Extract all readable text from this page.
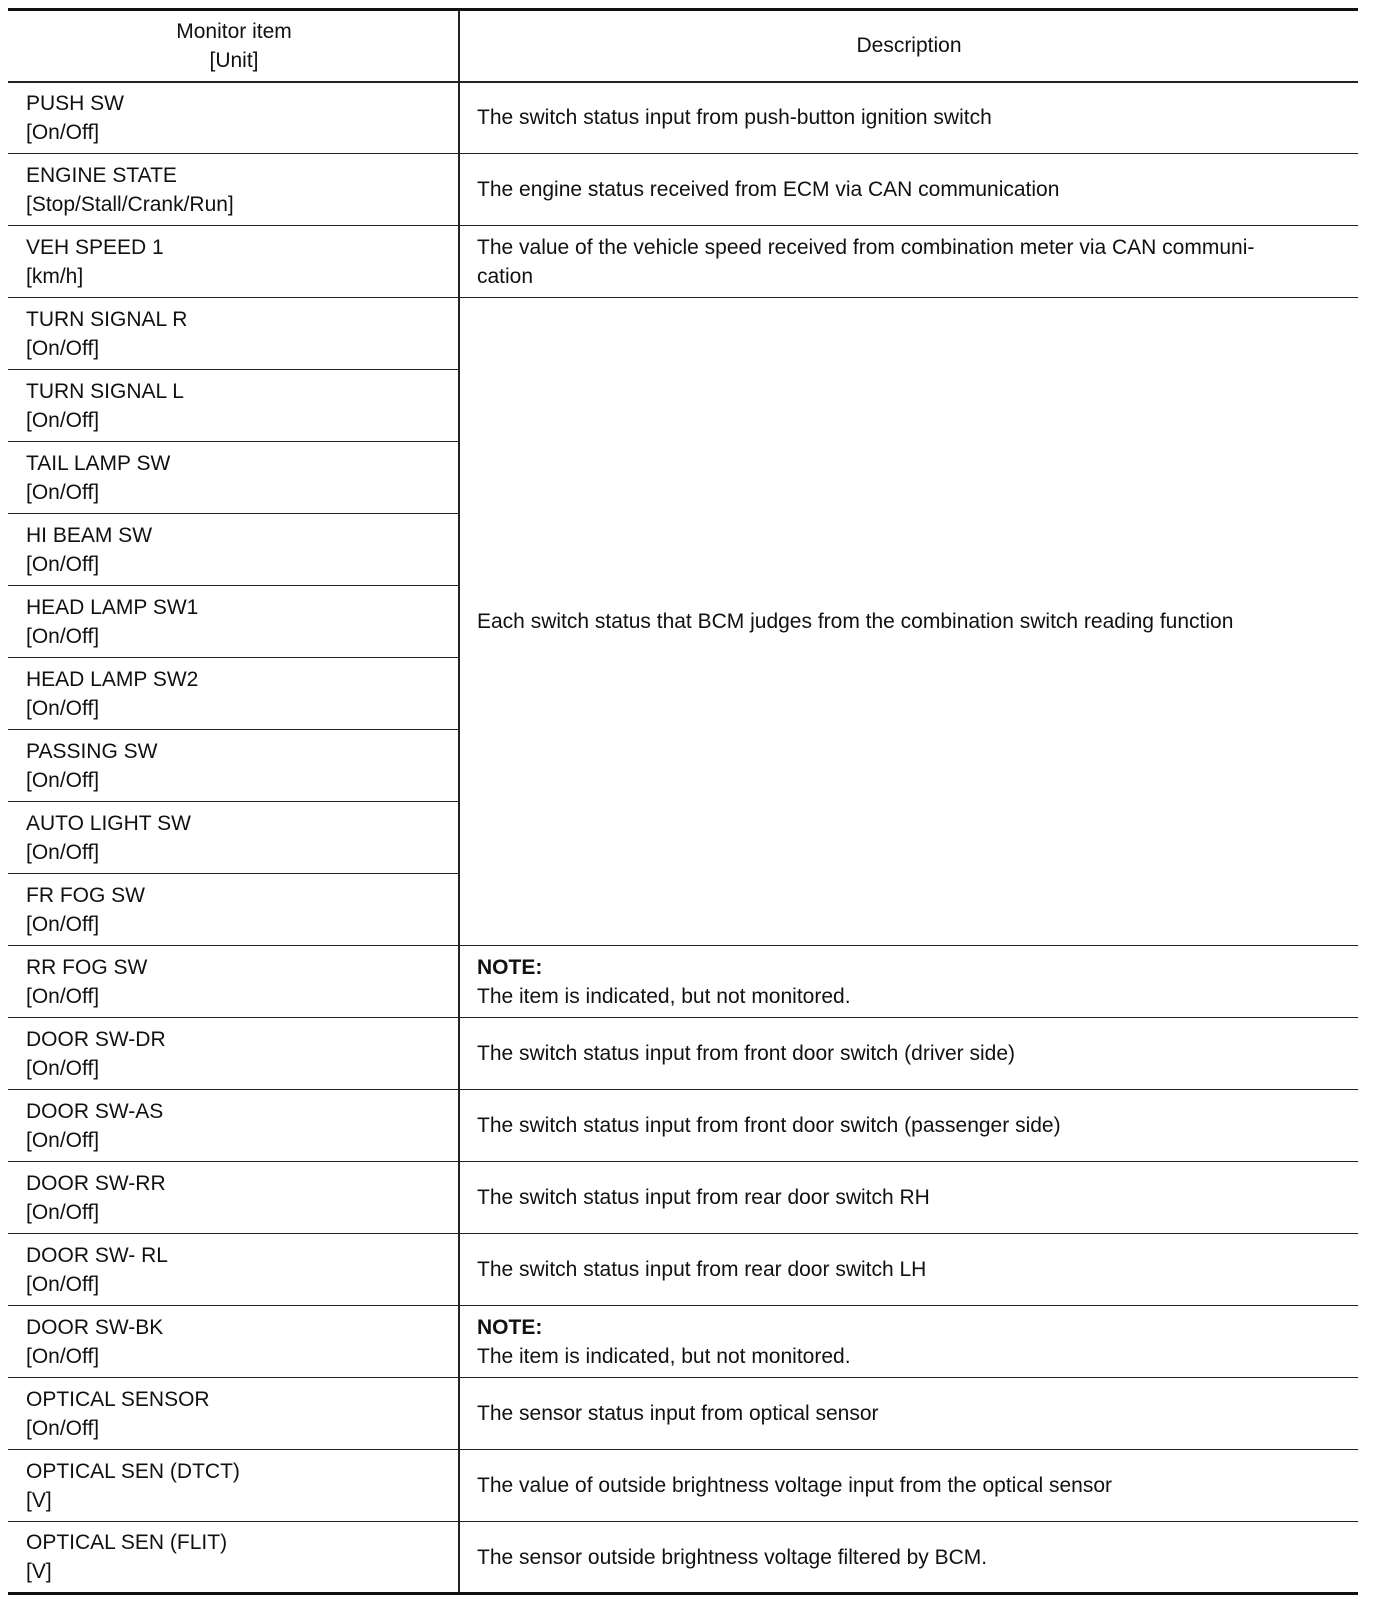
Monitor item
[Unit]	Description

PUSH SW
[On/Off]	The switch status input from push-button ignition switch

ENGINE STATE
[Stop/Stall/Crank/Run]	The engine status received from ECM via CAN communication

VEH SPEED 1
[km/h]	The value of the vehicle speed received from combination meter via CAN communi-
cation

TURN SIGNAL R
[On/Off]	Each switch status that BCM judges from the combination switch reading function

TURN SIGNAL L
[On/Off]	

TAIL LAMP SW
[On/Off]	

HI BEAM SW
[On/Off]	

HEAD LAMP SW1
[On/Off]	

HEAD LAMP SW2
[On/Off]	

PASSING SW
[On/Off]	

AUTO LIGHT SW
[On/Off]	

FR FOG SW
[On/Off]	

RR FOG SW
[On/Off]	NOTE:
The item is indicated, but not monitored.

DOOR SW-DR
[On/Off]	The switch status input from front door switch (driver side)

DOOR SW-AS
[On/Off]	The switch status input from front door switch (passenger side)

DOOR SW-RR
[On/Off]	The switch status input from rear door switch RH

DOOR SW- RL
[On/Off]	The switch status input from rear door switch LH

DOOR SW-BK
[On/Off]	NOTE:
The item is indicated, but not monitored.

OPTICAL SENSOR
[On/Off]	The sensor status input from optical sensor

OPTICAL SEN (DTCT)
[V]	The value of outside brightness voltage input from the optical sensor

OPTICAL SEN (FLIT)
[V]	The sensor outside brightness voltage filtered by BCM.
